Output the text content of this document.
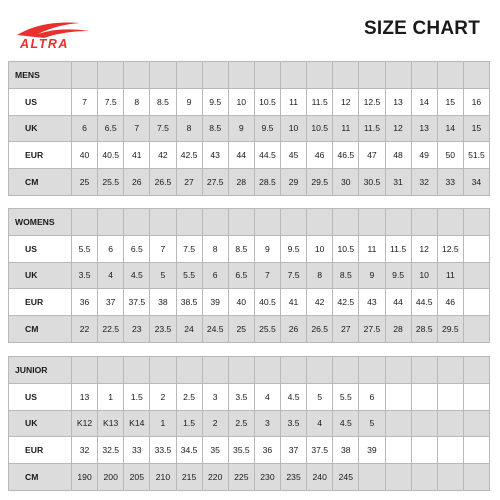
ALTRA
SIZE CHART
MENS																
US	7	7.5	8	8.5	9	9.5	10	10.5	11	11.5	12	12.5	13	14	15	16
UK	6	6.5	7	7.5	8	8.5	9	9.5	10	10.5	11	11.5	12	13	14	15
EUR	40	40.5	41	42	42.5	43	44	44.5	45	46	46.5	47	48	49	50	51.5
CM	25	25.5	26	26.5	27	27.5	28	28.5	29	29.5	30	30.5	31	32	33	34
WOMENS																
US	5.5	6	6.5	7	7.5	8	8.5	9	9.5	10	10.5	11	11.5	12	12.5	
UK	3.5	4	4.5	5	5.5	6	6.5	7	7.5	8	8.5	9	9.5	10	11	
EUR	36	37	37.5	38	38.5	39	40	40.5	41	42	42.5	43	44	44.5	46	
CM	22	22.5	23	23.5	24	24.5	25	25.5	26	26.5	27	27.5	28	28.5	29.5	
JUNIOR																
US	13	1	1.5	2	2.5	3	3.5	4	4.5	5	5.5	6				
UK	K12	K13	K14	1	1.5	2	2.5	3	3.5	4	4.5	5				
EUR	32	32.5	33	33.5	34.5	35	35.5	36	37	37.5	38	39				
CM	190	200	205	210	215	220	225	230	235	240	245					
